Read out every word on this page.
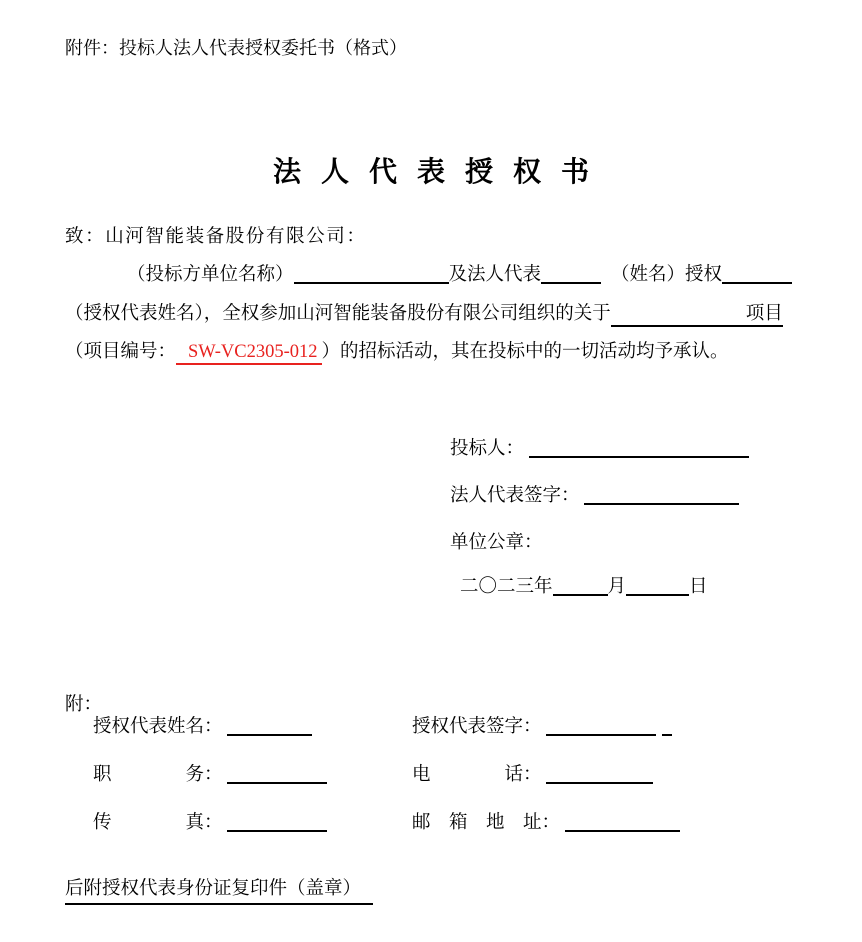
附件：投标人法人代表授权委托书（格式）
法人代表授权书
致：山河智能装备股份有限公司：
（投标方单位名称）	及法人代表	（姓名）授权
（授权代表姓名），全权参加山河智能装备股份有限公司组织的关于	项目
（项目编号： SW-VC2305-012 ）的招标活动，其在投标中的一切活动均予承认。
投标人：
法人代表签字：
单位公章：
二〇二三年	月	日
附：
授权代表姓名：	授权代表签字：
职　　　　务：	电　　　　话：
传　　　　真：	邮　箱　地　址：
后附授权代表身份证复印件（盖章）
